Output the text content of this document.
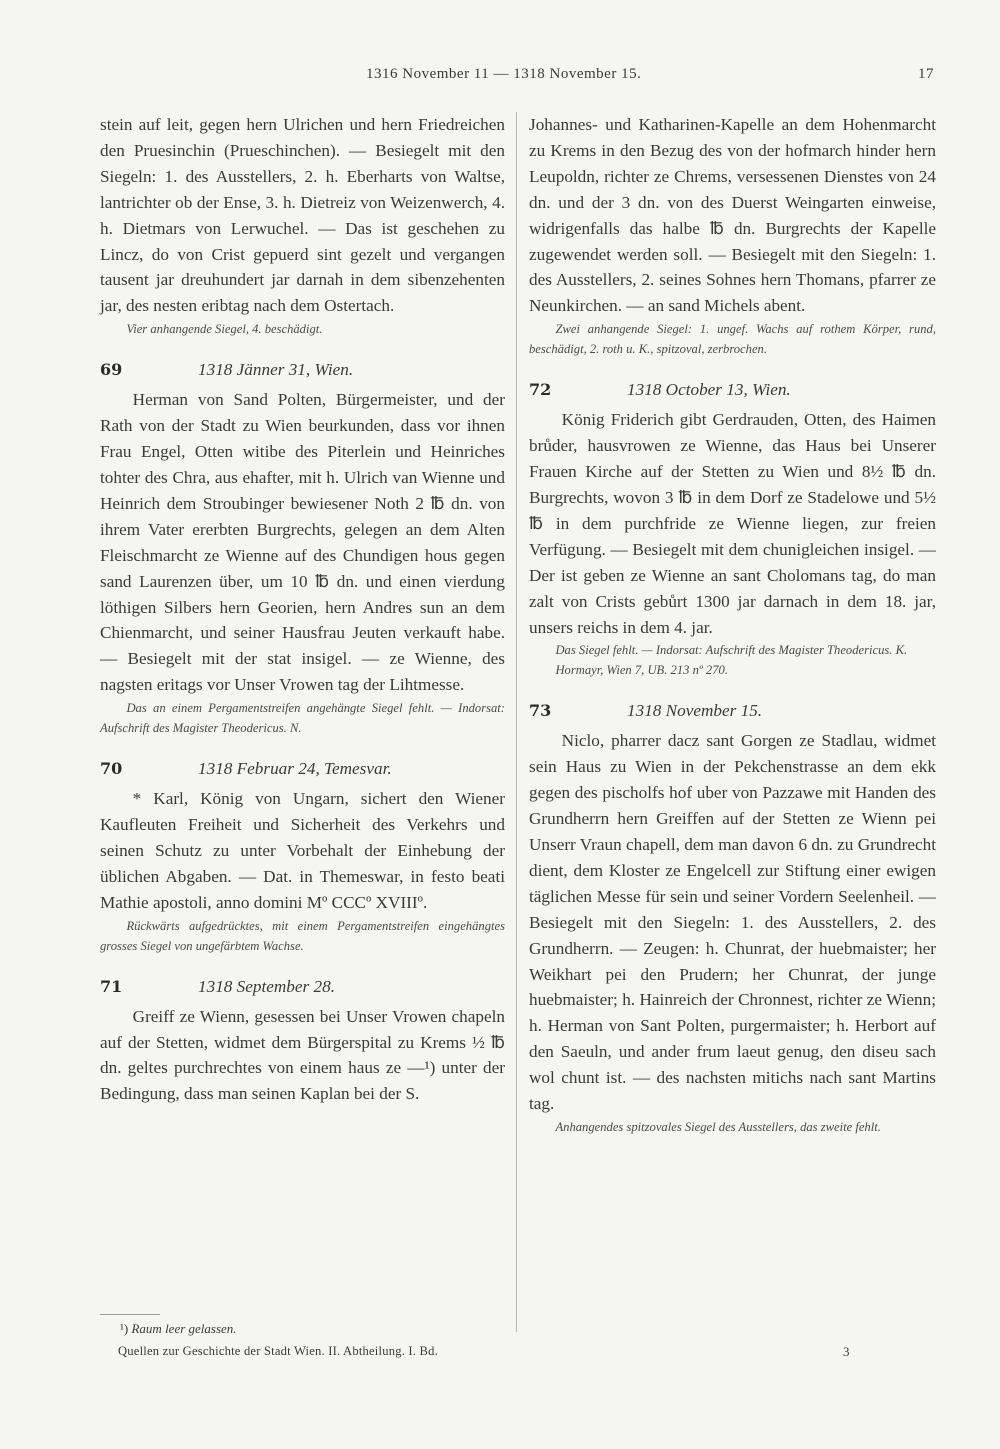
1316 November 11 — 1318 November 15.	17

stein auf leit, gegen hern Ulrichen und hern Friedreichen den Pruesinchin (Prueschinchen). — Besiegelt mit den Siegeln: 1. des Ausstellers, 2. h. Eberharts von Waltse, lantrichter ob der Ense, 3. h. Dietreiz von Weizenwerch, 4. h. Dietmars von Lerwuchel. — Das ist geschehen zu Lincz, do von Crist gepuerd sint gezelt und vergangen tausent jar dreuhundert jar darnah in dem sibenzehenten jar, des nesten eribtag nach dem Ostertach.

Vier anhangende Siegel, 4. beschädigt.

69	1318 Jänner 31, Wien.

Herman von Sand Polten, Bürgermeister, und der Rath von der Stadt zu Wien beurkunden, dass vor ihnen Frau Engel, Otten witibe des Piterlein und Heinriches tohter des Chra, aus ehafter, mit h. Ulrich van Wienne und Heinrich dem Stroubinger bewiesener Noth 2 ℔ dn. von ihrem Vater ererbten Burgrechts, gelegen an dem Alten Fleischmarcht ze Wienne auf des Chundigen hous gegen sand Laurenzen über, um 10 ℔ dn. und einen vierdung löthigen Silbers hern Georien, hern Andres sun an dem Chienmarcht, und seiner Hausfrau Jeuten verkauft habe. — Besiegelt mit der stat insigel. — ze Wienne, des nagsten eritags vor Unser Vrowen tag der Lihtmesse.

Das an einem Pergamentstreifen angehängte Siegel fehlt. — Indorsat: Aufschrift des Magister Theodericus. N.

70	1318 Februar 24, Temesvar.

* Karl, König von Ungarn, sichert den Wiener Kaufleuten Freiheit und Sicherheit des Verkehrs und seinen Schutz zu unter Vorbehalt der Einhebung der üblichen Abgaben. — Dat. in Themeswar, in festo beati Mathie apostoli, anno domini Mº CCCº XVIIIº.

Rückwärts aufgedrücktes, mit einem Pergamentstreifen eingehängtes grosses Siegel von ungefärbtem Wachse.

71	1318 September 28.

Greiff ze Wienn, gesessen bei Unser Vrowen chapeln auf der Stetten, widmet dem Bürgerspital zu Krems ½ ℔ dn. geltes purchrechtes von einem haus ze —¹) unter der Bedingung, dass man seinen Kaplan bei der S.

Johannes- und Katharinen-Kapelle an dem Hohenmarcht zu Krems in den Bezug des von der hofmarch hinder hern Leupoldn, richter ze Chrems, versessenen Dienstes von 24 dn. und der 3 dn. von des Duerst Weingarten einweise, widrigenfalls das halbe ℔ dn. Burgrechts der Kapelle zugewendet werden soll. — Besiegelt mit den Siegeln: 1. des Ausstellers, 2. seines Sohnes hern Thomans, pfarrer ze Neunkirchen. — an sand Michels abent.

Zwei anhangende Siegel: 1. ungef. Wachs auf rothem Körper, rund, beschädigt, 2. roth u. K., spitzoval, zerbrochen.

72	1318 October 13, Wien.

König Friderich gibt Gerdrauden, Otten, des Haimen brůder, hausvrowen ze Wienne, das Haus bei Unserer Frauen Kirche auf der Stetten zu Wien und 8½ ℔ dn. Burgrechts, wovon 3 ℔ in dem Dorf ze Stadelowe und 5½ ℔ in dem purchfride ze Wienne liegen, zur freien Verfügung. — Besiegelt mit dem chunigleichen insigel. — Der ist geben ze Wienne an sant Cholomans tag, do man zalt von Crists gebůrt 1300 jar darnach in dem 18. jar, unsers reichs in dem 4. jar.

Das Siegel fehlt. — Indorsat: Aufschrift des Magister Theodericus. K.

Hormayr, Wien 7, UB. 213 nº 270.

73	1318 November 15.

Niclo, pharrer dacz sant Gorgen ze Stadlau, widmet sein Haus zu Wien in der Pekchenstrasse an dem ekk gegen des pischolfs hof uber von Pazzawe mit Handen des Grundherrn hern Greiffen auf der Stetten ze Wienn pei Unserr Vraun chapell, dem man davon 6 dn. zu Grundrecht dient, dem Kloster ze Engelcell zur Stiftung einer ewigen täglichen Messe für sein und seiner Vordern Seelenheil. — Besiegelt mit den Siegeln: 1. des Ausstellers, 2. des Grundherrn. — Zeugen: h. Chunrat, der huebmaister; her Weikhart pei den Prudern; her Chunrat, der junge huebmaister; h. Hainreich der Chronnest, richter ze Wienn; h. Herman von Sant Polten, purgermaister; h. Herbort auf den Saeuln, und ander frum laeut genug, den diseu sach wol chunt ist. — des nachsten mitichs nach sant Martins tag.

Anhangendes spitzovales Siegel des Ausstellers, das zweite fehlt.

¹) Raum leer gelassen.
Quellen zur Geschichte der Stadt Wien. II. Abtheilung. I. Bd.	3
